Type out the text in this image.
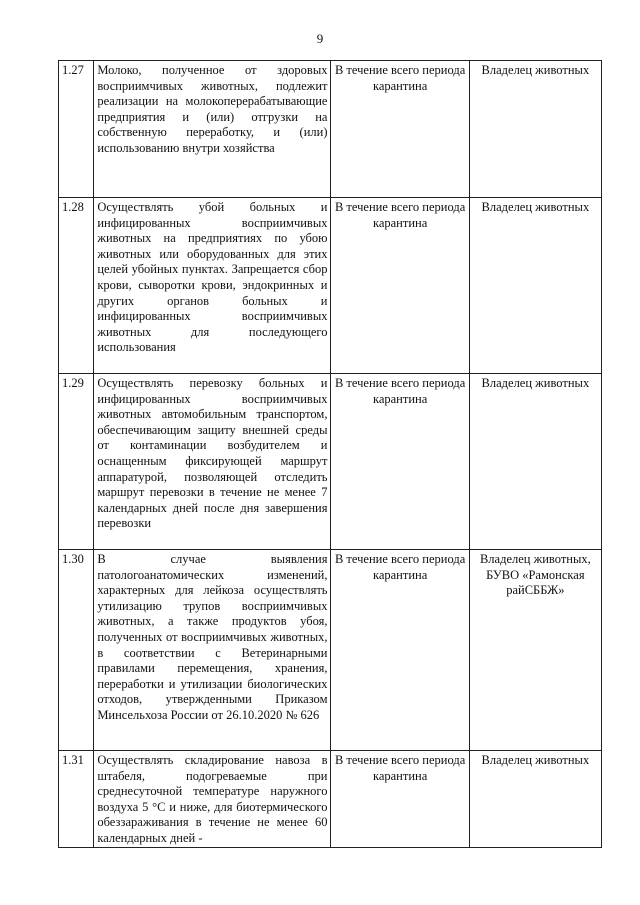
9
1.27	Молоко, полученное от здоровых восприимчивых животных, подлежит реализации на молокоперерабатывающие предприятия и (или) отгрузки на собственную переработку, и (или) использованию внутри хозяйства	В течение всего периода карантина	Владелец животных
1.28	Осуществлять убой больных и инфицированных восприимчивых животных на предприятиях по убою животных или оборудованных для этих целей убойных пунктах. Запрещается сбор крови, сыворотки крови, эндокринных и других органов больных и инфицированных восприимчивых животных для последующего использования	В течение всего периода карантина	Владелец животных
1.29	Осуществлять перевозку больных и инфицированных восприимчивых животных автомобильным транспортом, обеспечивающим защиту внешней среды от контаминации возбудителем и оснащенным фиксирующей маршрут аппаратурой, позволяющей отследить маршрут перевозки в течение не менее 7 календарных дней после дня завершения перевозки	В течение всего периода карантина	Владелец животных
1.30	В случае выявления патологоанатомических изменений, характерных для лейкоза осуществлять утилизацию трупов восприимчивых животных, а также продуктов убоя, полученных от восприимчивых животных, в соответствии с Ветеринарными правилами перемещения, хранения, переработки и утилизации биологических отходов, утвержденными Приказом Минсельхоза России от 26.10.2020 № 626	В течение всего периода карантина	Владелец животных, БУВО «Рамонская райСББЖ»
1.31	Осуществлять складирование навоза в штабеля, подогреваемые при среднесуточной температуре наружного воздуха 5 °С и ниже, для биотермического обеззараживания в течение не менее 60 календарных дней -	В течение всего периода карантина	Владелец животных
